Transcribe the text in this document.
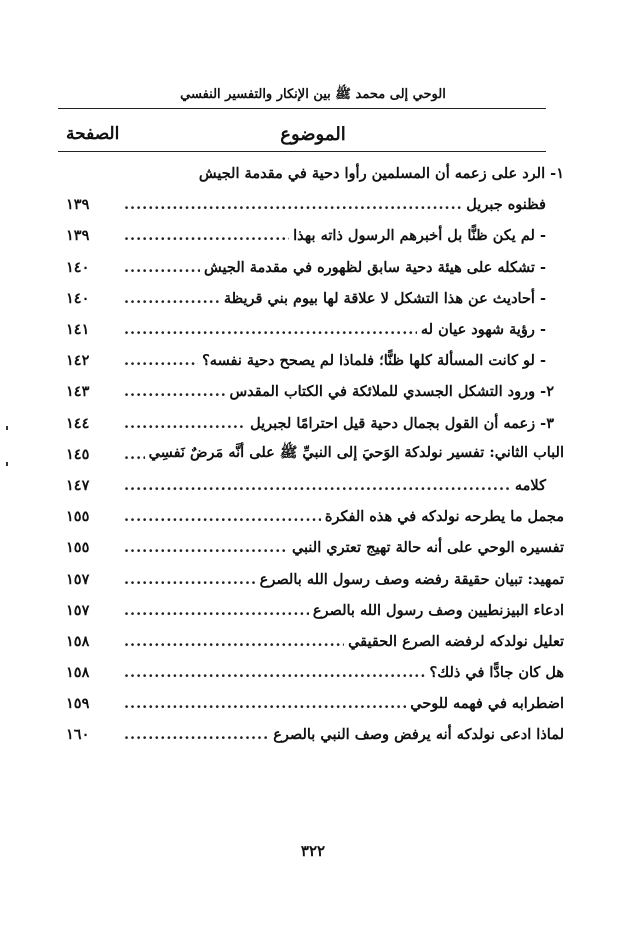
الوحي إلى محمد ﷺ بين الإنكار والتفسير النفسي
الموضوع
الصفحة
١- الرد على زعمه أن المسلمين رأوا دحية في مقدمة الجيش
فظنوه جبريل
.....
١٣٩
- لم يكن ظنًّا بل أخبرهم الرسول ذاته بهذا
.....
١٣٩
- تشكله على هيئة دحية سابق لظهوره في مقدمة الجيش
.....
١٤٠
- أحاديث عن هذا التشكل لا علاقة لها بيوم بني قريظة
.....
١٤٠
- رؤية شهود عيان له
.....
١٤١
- لو كانت المسألة كلها ظنًّا؛ فلماذا لم يصحح دحية نفسه؟
.....
١٤٢
٢- ورود التشكل الجسدي للملائكة في الكتاب المقدس
.....
١٤٣
٣- زعمه أن القول بجمال دحية قيل احترامًا لجبريل
.....
١٤٤
الباب الثاني: تفسير نولدكة الوَحيَ إلى النبيِّ ﷺ على أنَّه مَرضٌ نَفسِي
.....
١٤٥
كلامه
.....
١٤٧
مجمل ما يطرحه نولدكه في هذه الفكرة
.....
١٥٥
تفسيره الوحي على أنه حالة تهيج تعتري النبي
.....
١٥٥
تمهيد: تبيان حقيقة رفضه وصف رسول الله بالصرع
.....
١٥٧
ادعاء البيزنطيين وصف رسول الله بالصرع
.....
١٥٧
تعليل نولدكه لرفضه الصرع الحقيقي
.....
١٥٨
هل كان جادًّا في ذلك؟
.....
١٥٨
اضطرابه في فهمه للوحي
.....
١٥٩
لماذا ادعى نولدكه أنه يرفض وصف النبي بالصرع
.....
١٦٠
٣٢٢
